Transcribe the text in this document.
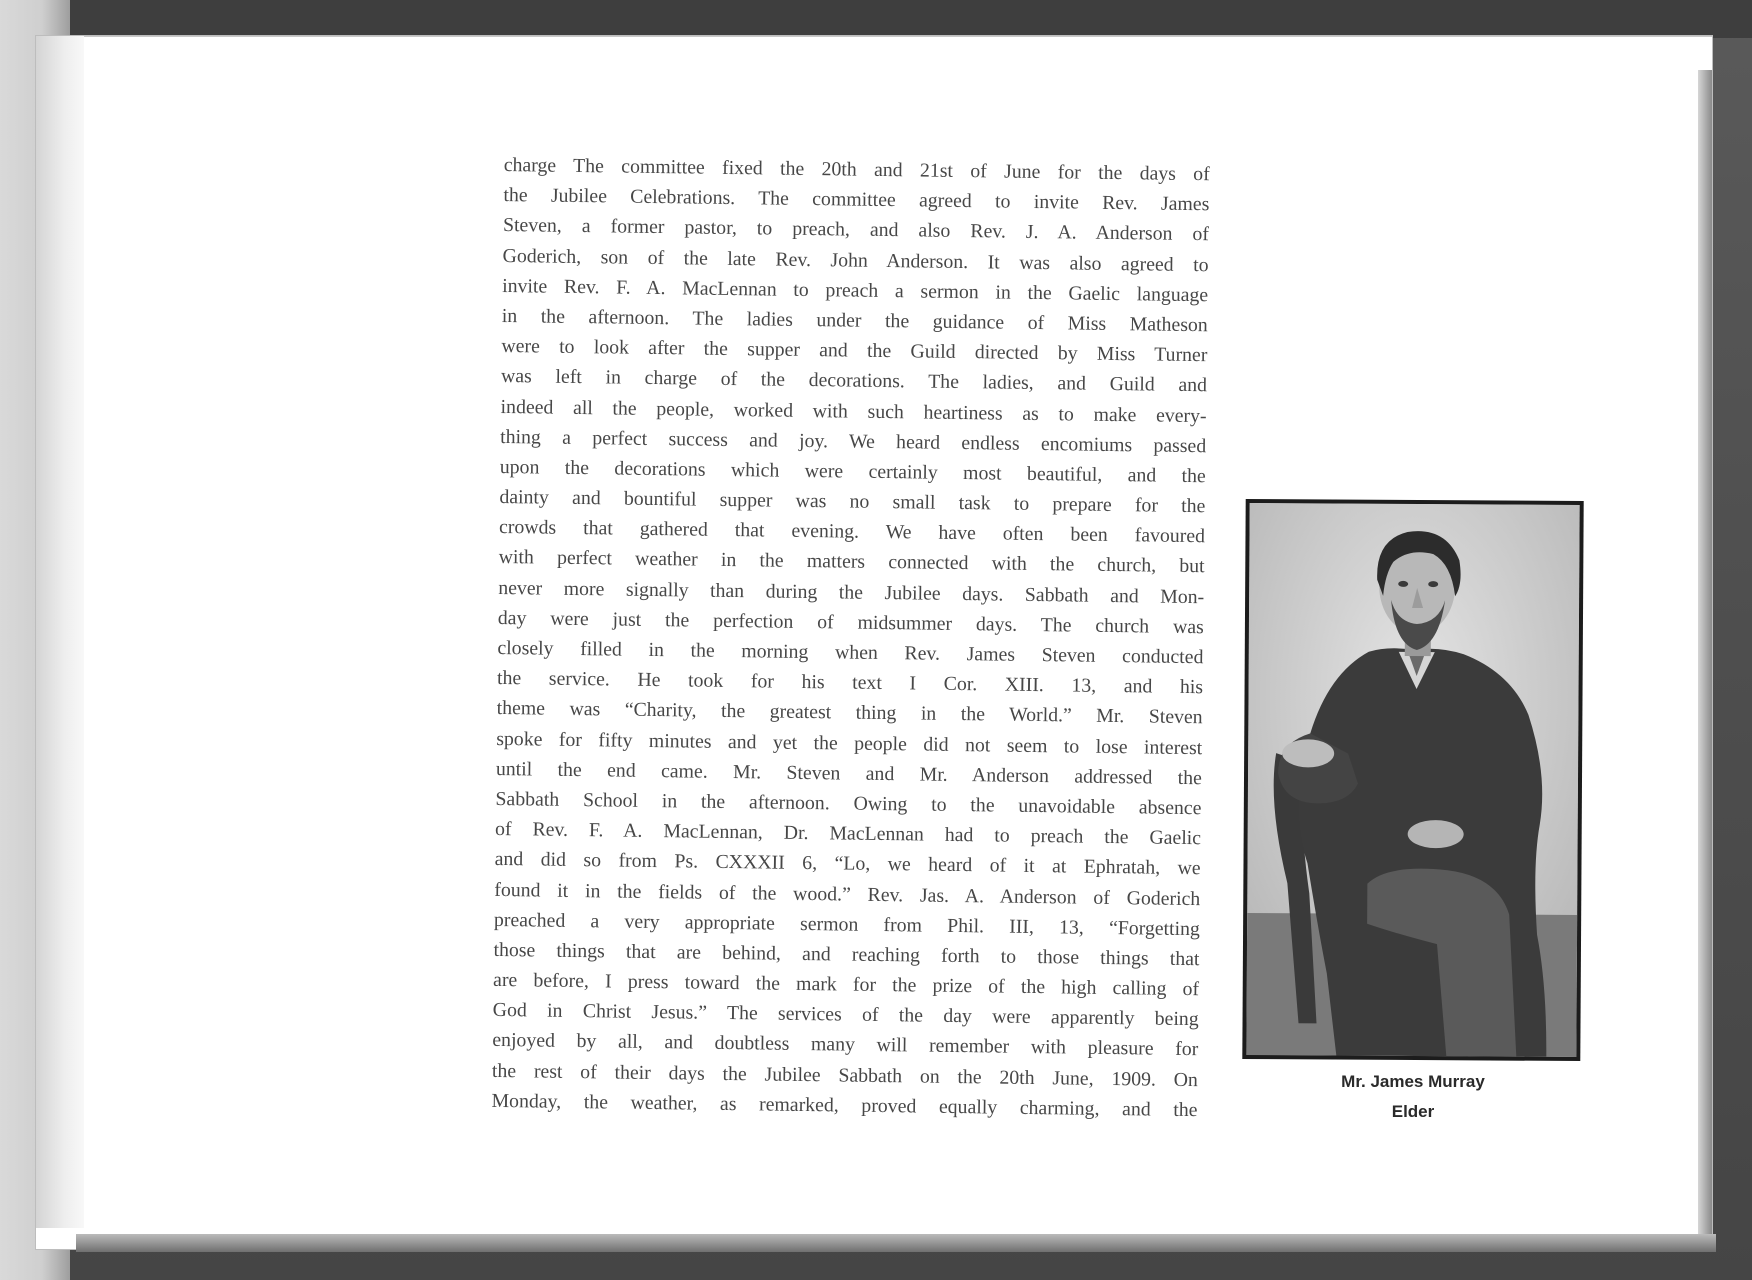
charge The committee fixed the 20th and 21st of June for the days of
the Jubilee Celebrations. The committee agreed to invite Rev. James
Steven, a former pastor, to preach, and also Rev. J. A. Anderson of
Goderich, son of the late Rev. John Anderson. It was also agreed to
invite Rev. F. A. MacLennan to preach a sermon in the Gaelic language
in the afternoon. The ladies under the guidance of Miss Matheson
were to look after the supper and the Guild directed by Miss Turner
was left in charge of the decorations. The ladies, and Guild and
indeed all the people, worked with such heartiness as to make every-
thing a perfect success and joy. We heard endless encomiums passed
upon the decorations which were certainly most beautiful, and the
dainty and bountiful supper was no small task to prepare for the
crowds that gathered that evening. We have often been favoured
with perfect weather in the matters connected with the church, but
never more signally than during the Jubilee days. Sabbath and Mon-
day were just the perfection of midsummer days. The church was
closely filled in the morning when Rev. James Steven conducted
the service. He took for his text I Cor. XIII. 13, and his
theme was “Charity, the greatest thing in the World.” Mr. Steven
spoke for fifty minutes and yet the people did not seem to lose interest
until the end came. Mr. Steven and Mr. Anderson addressed the
Sabbath School in the afternoon. Owing to the unavoidable absence
of Rev. F. A. MacLennan, Dr. MacLennan had to preach the Gaelic
and did so from Ps. CXXXII 6, “Lo, we heard of it at Ephratah, we
found it in the fields of the wood.” Rev. Jas. A. Anderson of Goderich
preached a very appropriate sermon from Phil. III, 13, “Forgetting
those things that are behind, and reaching forth to those things that
are before, I press toward the mark for the prize of the high calling of
God in Christ Jesus.” The services of the day were apparently being
enjoyed by all, and doubtless many will remember with pleasure for
the rest of their days the Jubilee Sabbath on the 20th June, 1909. On
Monday, the weather, as remarked, proved equally charming, and the
Mr. James Murray
Elder
